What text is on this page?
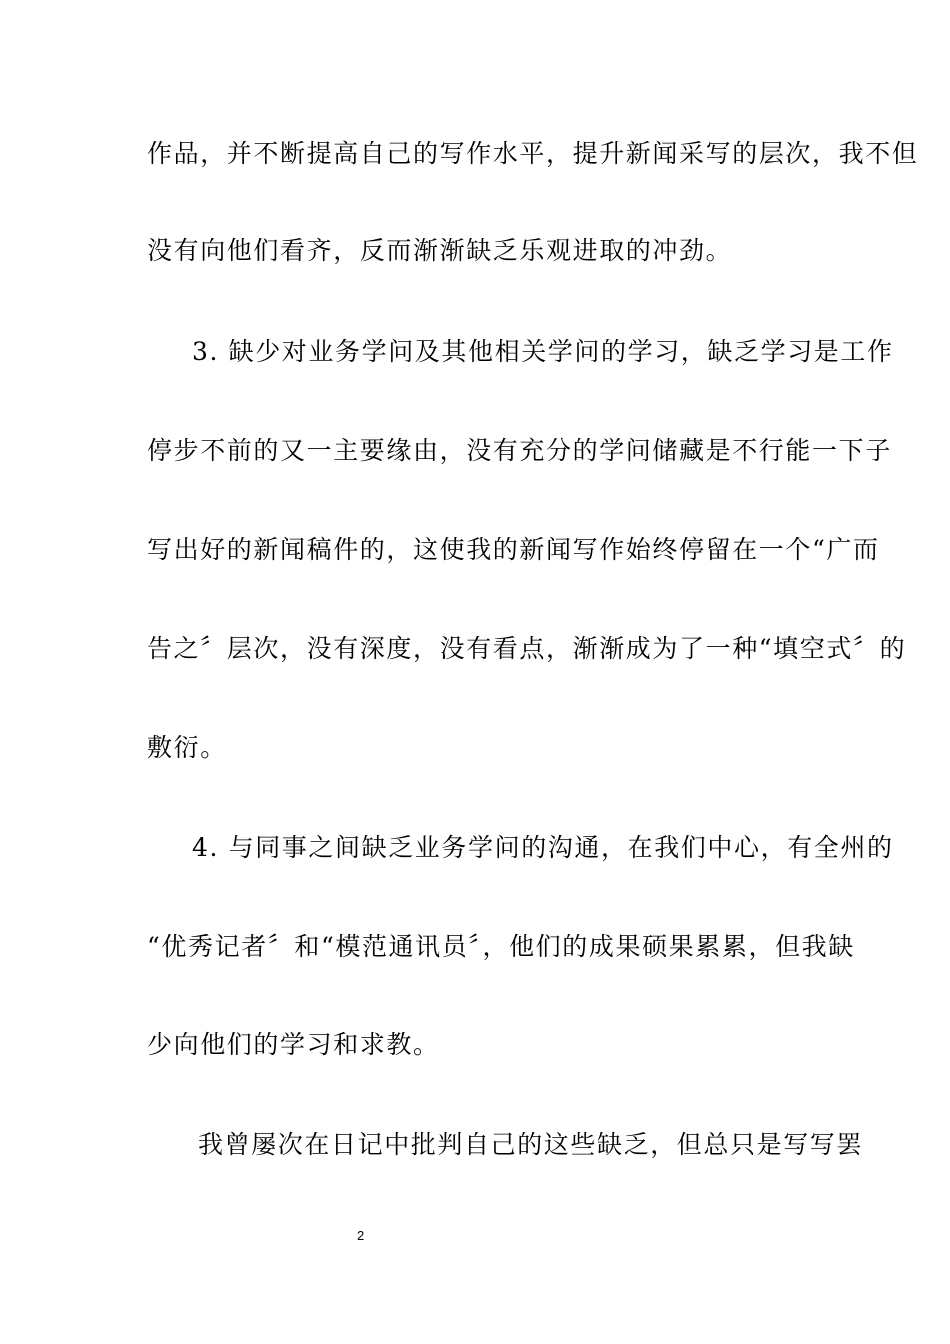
作品，并不断提高自己的写作水平，提升新闻采写的层次，我不但
没有向他们看齐，反而渐渐缺乏乐观进取的冲劲。
3. 缺少对业务学问及其他相关学问的学习，缺乏学习是工作
停步不前的又一主要缘由，没有充分的学问储藏是不行能一下子
写出好的新闻稿件的，这使我的新闻写作始终停留在一个“广而
告之〞层次，没有深度，没有看点，渐渐成为了一种“填空式〞的
敷衍。
4. 与同事之间缺乏业务学问的沟通，在我们中心，有全州的
“优秀记者〞和“模范通讯员〞，他们的成果硕果累累，但我缺
少向他们的学习和求教。
我曾屡次在日记中批判自己的这些缺乏，但总只是写写罢
2
